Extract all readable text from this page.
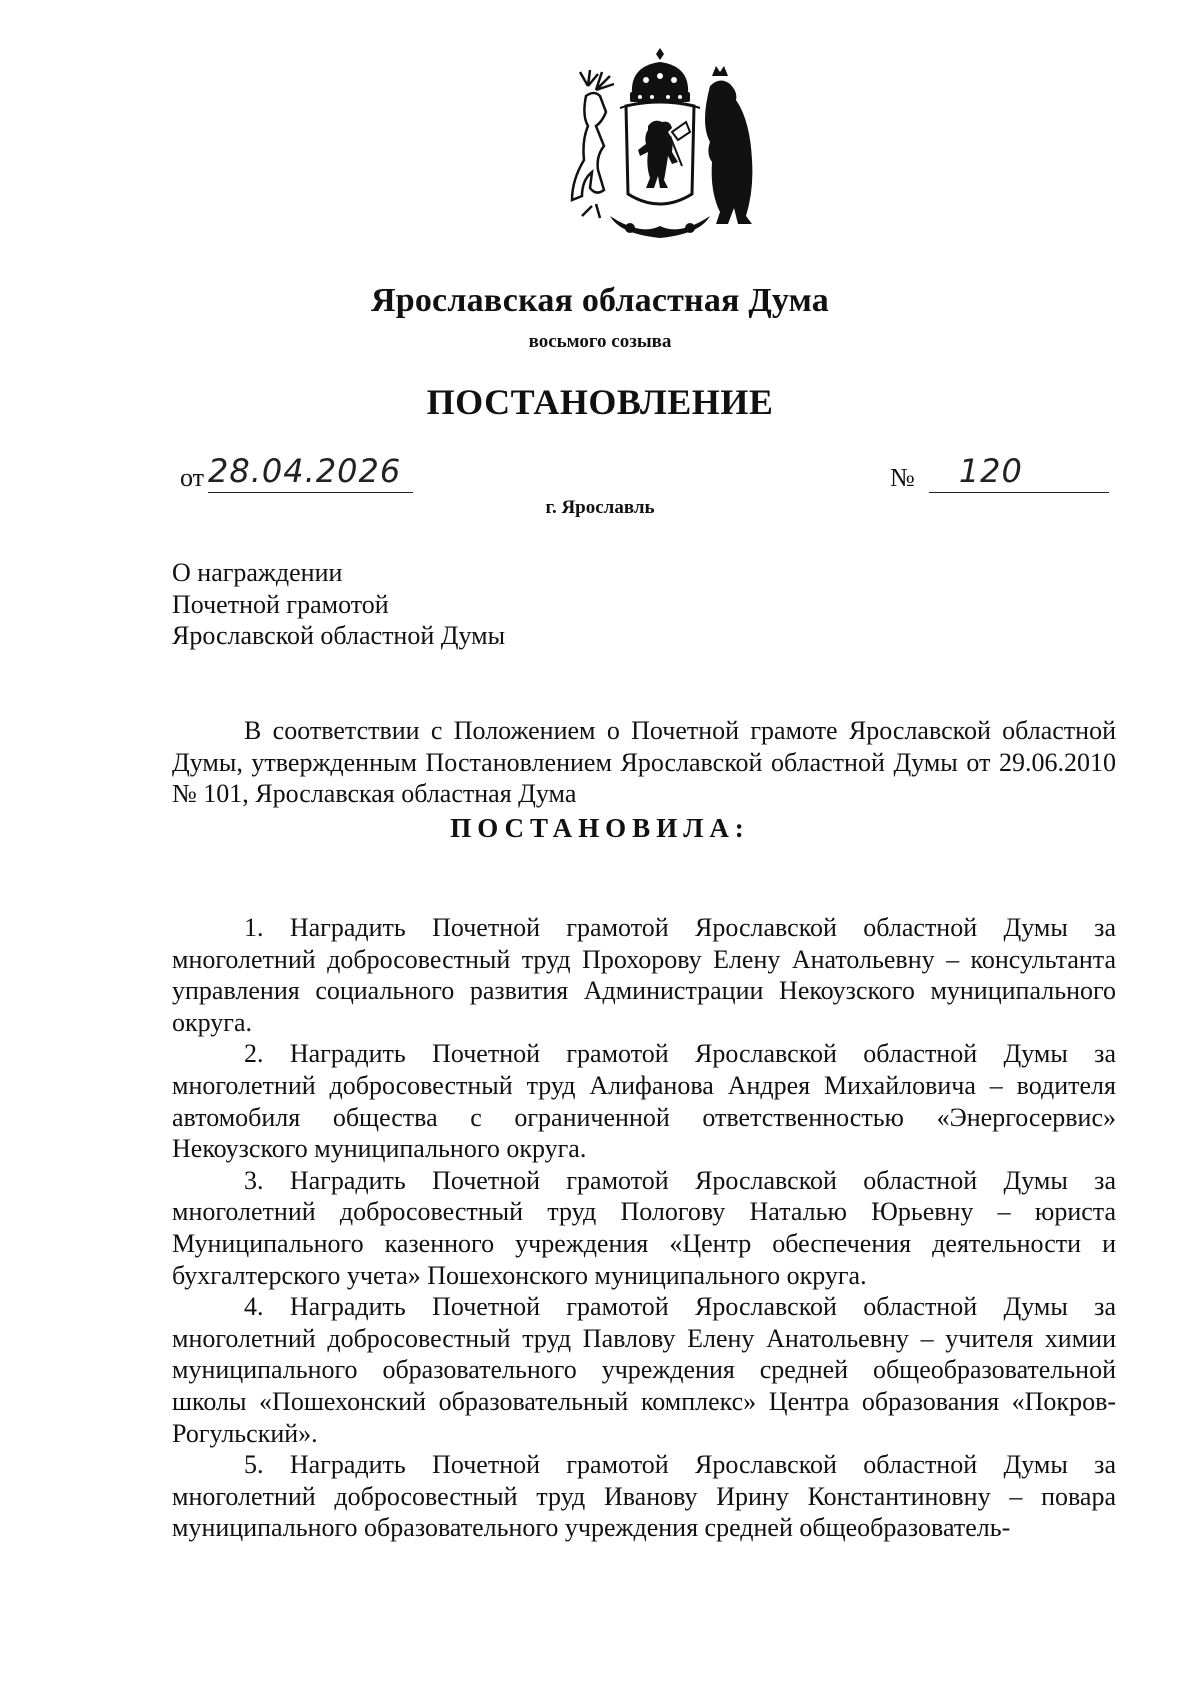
Ярославская областная Дума
восьмого созыва
ПОСТАНОВЛЕНИЕ
от 28.04.2026	№	120
г. Ярославль
О награждении
Почетной грамотой
Ярославской областной Думы

В соответствии с Положением о Почетной грамоте Ярославской областной Думы, утвержденным Постановлением Ярославской областной Думы от 29.06.2010 № 101, Ярославская областная Дума

ПОСТАНОВИЛА:

1. Наградить Почетной грамотой Ярославской областной Думы за многолетний добросовестный труд Прохорову Елену Анатольевну – консультанта управления социального развития Администрации Некоузского муниципального округа.

2. Наградить Почетной грамотой Ярославской областной Думы за многолетний добросовестный труд Алифанова Андрея Михайловича – водителя автомобиля общества с ограниченной ответственностью «Энергосервис» Некоузского муниципального округа.

3. Наградить Почетной грамотой Ярославской областной Думы за многолетний добросовестный труд Пологову Наталью Юрьевну – юриста Муниципального казенного учреждения «Центр обеспечения деятельности и бухгалтерского учета» Пошехонского муниципального округа.

4. Наградить Почетной грамотой Ярославской областной Думы за многолетний добросовестный труд Павлову Елену Анатольевну – учителя химии муниципального образовательного учреждения средней общеобразовательной школы «Пошехонский образовательный комплекс» Центра образования «Покров-Рогульский».

5. Наградить Почетной грамотой Ярославской областной Думы за многолетний добросовестный труд Иванову Ирину Константиновну – повара муниципального образовательного учреждения средней общеобразователь-
